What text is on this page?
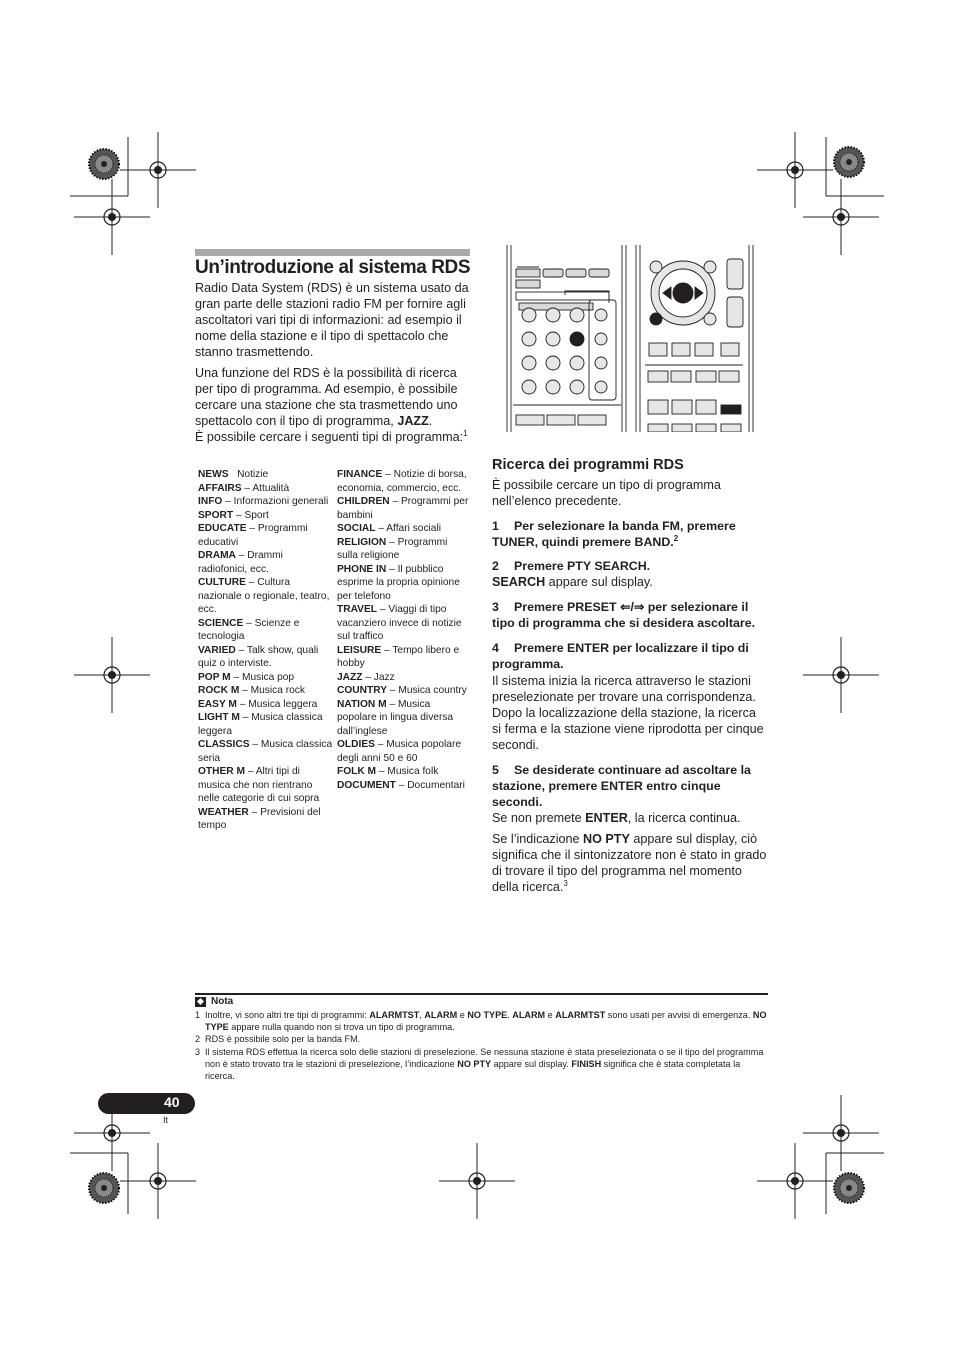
Un’introduzione al sistema RDS

Radio Data System (RDS) è un sistema usato da gran parte delle stazioni radio FM per fornire agli ascoltatori vari tipi di informazioni: ad esempio il nome della stazione e il tipo di spettacolo che stanno trasmettendo.

Una funzione del RDS è la possibilità di ricerca per tipo di programma. Ad esempio, è possibile cercare una stazione che sta trasmettendo uno spettacolo con il tipo di programma, JAZZ.
È possibile cercare i seguenti tipi di programma:$^1$

NEWS Notizie

AFFAIRS – Attualità

INFO – Informazioni generali

SPORT – Sport

EDUCATE – Programmi educativi

DRAMA – Drammi radiofonici, ecc.

CULTURE – Cultura nazionale o regionale, teatro, ecc.

SCIENCE – Scienze e tecnologia

VARIED – Talk show, quali quiz o interviste.

POP M – Musica pop

ROCK M – Musica rock

EASY M – Musica leggera

LIGHT M – Musica classica leggera

CLASSICS – Musica classica seria

OTHER M – Altri tipi di musica che non rientrano nelle categorie di cui sopra

WEATHER – Previsioni del tempo

FINANCE – Notizie di borsa, economia, commercio, ecc.

CHILDREN – Programmi per bambini

SOCIAL – Affari sociali

RELIGION – Programmi sulla religione

PHONE IN – Il pubblico esprime la propria opinione per telefono

TRAVEL – Viaggi di tipo vacanziero invece di notizie sul traffico

LEISURE – Tempo libero e hobby

JAZZ – Jazz

COUNTRY – Musica country

NATION M – Musica popolare in lingua diversa dall’inglese

OLDIES – Musica popolare degli anni 50 e 60

FOLK M – Musica folk

DOCUMENT – Documentari

Ricerca dei programmi RDS

È possibile cercare un tipo di programma nell’elenco precedente.

1 Per selezionare la banda FM, premere TUNER, quindi premere BAND.$^2$

2 Premere PTY SEARCH.

SEARCH appare sul display.

3 Premere PRESET ⇐/⇒ per selezionare il tipo di programma che si desidera ascoltare.

4 Premere ENTER per localizzare il tipo di programma.

Il sistema inizia la ricerca attraverso le stazioni preselezionate per trovare una corrispondenza. Dopo la localizzazione della stazione, la ricerca si ferma e la stazione viene riprodotta per cinque secondi.

5 Se desiderate continuare ad ascoltare la stazione, premere ENTER entro cinque secondi.

Se non premete ENTER, la ricerca continua.

Se l’indicazione NO PTY appare sul display, ciò significa che il sintonizzatore non è stato in grado di trovare il tipo del programma nel momento della ricerca.$^3$

Nota

1 Inoltre, vi sono altri tre tipi di programmi: ALARMTST, ALARM e NO TYPE. ALARM e ALARMTST sono usati per avvisi di emergenza. NO TYPE appare nulla quando non si trova un tipo di programma.

2 RDS è possibile solo per la banda FM.

3 Il sistema RDS effettua la ricerca solo delle stazioni di preselezione. Se nessuna stazione è stata preselezionata o se il tipo del programma non è stato trovato tra le stazioni di preselezione, l’indicazione NO PTY appare sul display. FINISH significa che è stata completata la ricerca.

40
It
